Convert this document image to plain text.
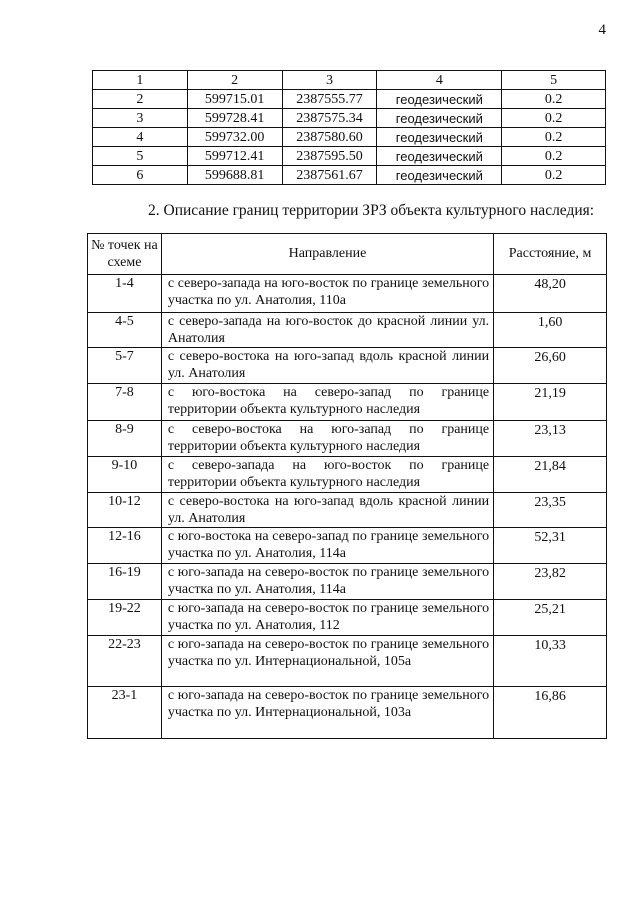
4
1	2	3	4	5
2	599715.01	2387555.77	геодезический	0.2
3	599728.41	2387575.34	геодезический	0.2
4	599732.00	2387580.60	геодезический	0.2
5	599712.41	2387595.50	геодезический	0.2
6	599688.81	2387561.67	геодезический	0.2
2. Описание границ территории ЗРЗ объекта культурного наследия:
№ точек на схеме	Направление	Расстояние, м
1-4	с северо-запада на юго-восток по границе земельного участка по ул. Анатолия, 110а	48,20
4-5	с северо-запада на юго-восток до красной линии ул. Анатолия	1,60
5-7	с северо-востока на юго-запад вдоль красной линии ул. Анатолия	26,60
7-8	с юго-востока на северо-запад по границе территории объекта культурного наследия	21,19
8-9	с северо-востока на юго-запад по границе территории объекта культурного наследия	23,13
9-10	с северо-запада на юго-восток по границе территории объекта культурного наследия	21,84
10-12	с северо-востока на юго-запад вдоль красной линии ул. Анатолия	23,35
12-16	с юго-востока на северо-запад по границе земельного участка по ул. Анатолия, 114а	52,31
16-19	с юго-запада на северо-восток по границе земельного участка по ул. Анатолия, 114а	23,82
19-22	с юго-запада на северо-восток по границе земельного участка по ул. Анатолия, 112	25,21
22-23	с юго-запада на северо-восток по границе земельного участка по ул. Интернациональной, 105а	10,33
23-1	с юго-запада на северо-восток по границе земельного участка по ул. Интернациональной, 103а	16,86
